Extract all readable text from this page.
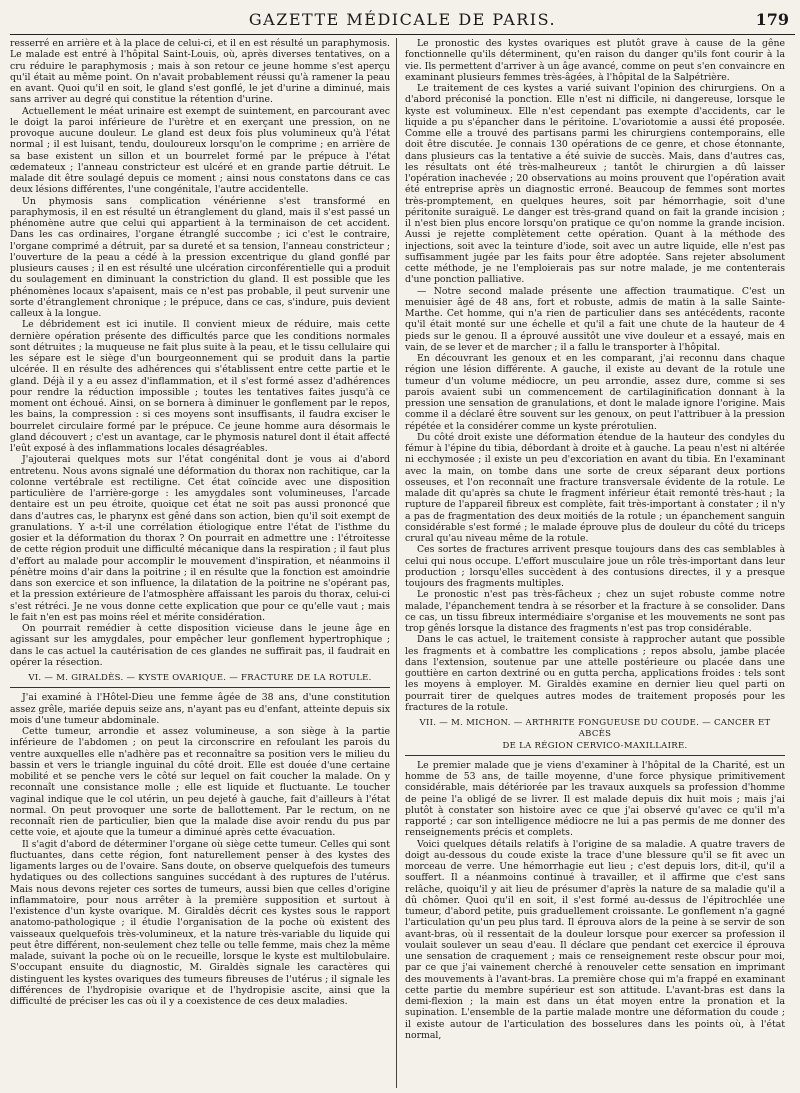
GAZETTE MÉDICALE DE PARIS.	179

resserré en arrière et à la place de celui-ci, et il en est résulté un paraphymosis. Le malade est entré à l'hôpital Saint-Louis, où, après diverses tentatives, on a cru réduire le paraphymosis ; mais à son retour ce jeune homme s'est aperçu qu'il était au même point. On n'avait probablement réussi qu'à ramener la peau en avant. Quoi qu'il en soit, le gland s'est gonflé, le jet d'urine a diminué, mais sans arriver au degré qui constitue la rétention d'urine.

Actuellement le méat urinaire est exempt de suintement, en parcourant avec le doigt la paroi inférieure de l'urètre et en exerçant une pression, on ne provoque aucune douleur. Le gland est deux fois plus volumineux qu'à l'état normal ; il est luisant, tendu, douloureux lorsqu'on le comprime ; en arrière de sa base existent un sillon et un bourrelet formé par le prépuce à l'état œdemateux ; l'anneau constricteur est ulcéré et en grande partie détruit. Le malade dit être soulagé depuis ce moment ; ainsi nous constatons dans ce cas deux lésions différentes, l'une congénitale, l'autre accidentelle.

Un phymosis sans complication vénérienne s'est transformé en paraphymosis, il en est résulté un étranglement du gland, mais il s'est passé un phénomène autre que celui qui appartient à la terminaison de cet accident. Dans les cas ordinaires, l'organe étranglé succombe ; ici c'est le contraire, l'organe comprimé a détruit, par sa dureté et sa tension, l'anneau constricteur ; l'ouverture de la peau a cédé à la pression excentrique du gland gonflé par plusieurs causes ; il en est résulté une ulcération circonférentielle qui a produit du soulagement en diminuant la constriction du gland. Il est possible que les phénomènes locaux s'apaisent, mais ce n'est pas probable, il peut survenir une sorte d'étranglement chronique ; le prépuce, dans ce cas, s'indure, puis devient calleux à la longue.

Le débridement est ici inutile. Il convient mieux de réduire, mais cette dernière opération présente des difficultés parce que les conditions normales sont détruites ; la muqueuse ne fait plus suite à la peau, et le tissu cellulaire qui les sépare est le siège d'un bourgeonnement qui se produit dans la partie ulcérée. Il en résulte des adhérences qui s'établissent entre cette partie et le gland. Déjà il y a eu assez d'inflammation, et il s'est formé assez d'adhérences pour rendre la réduction impossible ; toutes les tentatives faites jusqu'à ce moment ont échoué. Ainsi, on se bornera à diminuer le gonflement par le repos, les bains, la compression : si ces moyens sont insuffisants, il faudra exciser le bourrelet circulaire formé par le prépuce. Ce jeune homme aura désormais le gland découvert ; c'est un avantage, car le phymosis naturel dont il était affecté l'eût exposé à des inflammations locales désagréables.

J'ajouterai quelques mots sur l'état congénital dont je vous ai d'abord entretenu. Nous avons signalé une déformation du thorax non rachitique, car la colonne vertébrale est rectiligne. Cet état coïncide avec une disposition particulière de l'arrière-gorge : les amygdales sont volumineuses, l'arcade dentaire est un peu étroite, quoique cet état ne soit pas aussi prononcé que dans d'autres cas, le pharynx est gêné dans son action, bien qu'il soit exempt de granulations. Y a-t-il une corrélation étiologique entre l'état de l'isthme du gosier et la déformation du thorax ? On pourrait en admettre une : l'étroitesse de cette région produit une difficulté mécanique dans la respiration ; il faut plus d'effort au malade pour accomplir le mouvement d'inspiration, et néanmoins il pénètre moins d'air dans la poitrine ; il en résulte que la fonction est amoindrie dans son exercice et son influence, la dilatation de la poitrine ne s'opérant pas, et la pression extérieure de l'atmosphère affaissant les parois du thorax, celui-ci s'est rétréci. Je ne vous donne cette explication que pour ce qu'elle vaut ; mais le fait n'en est pas moins réel et mérite considération.

On pourrait remédier à cette disposition vicieuse dans le jeune âge en agissant sur les amygdales, pour empêcher leur gonflement hypertrophique ; dans le cas actuel la cautérisation de ces glandes ne suffirait pas, il faudrait en opérer la résection.

VI. — M. GIRALDÈS. — KYSTE OVARIQUE. — FRACTURE DE LA ROTULE.

J'ai examiné à l'Hôtel-Dieu une femme âgée de 38 ans, d'une constitution assez grêle, mariée depuis seize ans, n'ayant pas eu d'enfant, atteinte depuis six mois d'une tumeur abdominale.

Cette tumeur, arrondie et assez volumineuse, a son siège à la partie inférieure de l'abdomen ; on peut la circonscrire en refoulant les parois du ventre auxquelles elle n'adhère pas et reconnaître sa position vers le milieu du bassin et vers le triangle inguinal du côté droit. Elle est douée d'une certaine mobilité et se penche vers le côté sur lequel on fait coucher la malade. On y reconnaît une consistance molle ; elle est liquide et fluctuante. Le toucher vaginal indique que le col utérin, un peu dejeté à gauche, fait d'ailleurs à l'état normal. On peut provoquer une sorte de ballottement. Par le rectum, on ne reconnaît rien de particulier, bien que la malade dise avoir rendu du pus par cette voie, et ajoute que la tumeur a diminué après cette évacuation.

Il s'agit d'abord de déterminer l'organe où siège cette tumeur. Celles qui sont fluctuantes, dans cette région, font naturellement penser à des kystes des ligaments larges ou de l'ovaire. Sans doute, on observe quelquefois des tumeurs hydatiques ou des collections sanguines succédant à des ruptures de l'utérus. Mais nous devons rejeter ces sortes de tumeurs, aussi bien que celles d'origine inflammatoire, pour nous arrêter à la première supposition et surtout à l'existence d'un kyste ovarique. M. Giraldès décrit ces kystes sous le rapport anatomo-pathologique ; il étudie l'organisation de la poche où existent des vaisseaux quelquefois très-volumineux, et la nature très-variable du liquide qui peut être différent, non-seulement chez telle ou telle femme, mais chez la même malade, suivant la poche où on le recueille, lorsque le kyste est multilobulaire. S'occupant ensuite du diagnostic, M. Giraldès signale les caractères qui distinguent les kystes ovariques des tumeurs fibreuses de l'utérus ; il signale les différences de l'hydropisie ovarique et de l'hydropisie ascite, ainsi que la difficulté de préciser les cas où il y a coexistence de ces deux maladies.

Le pronostic des kystes ovariques est plutôt grave à cause de la gêne fonctionnelle qu'ils déterminent, qu'en raison du danger qu'ils font courir à la vie. Ils permettent d'arriver à un âge avancé, comme on peut s'en convaincre en examinant plusieurs femmes très-âgées, à l'hôpital de la Salpétrière.

Le traitement de ces kystes a varié suivant l'opinion des chirurgiens. On a d'abord préconisé la ponction. Elle n'est ni difficile, ni dangereuse, lorsque le kyste est volumineux. Elle n'est cependant pas exempte d'accidents, car le liquide a pu s'épancher dans le péritoine. L'ovariotomie a aussi été proposée. Comme elle a trouvé des partisans parmi les chirurgiens contemporains, elle doit être discutée. Je connais 130 opérations de ce genre, et chose étonnante, dans plusieurs cas la tentative a été suivie de succès. Mais, dans d'autres cas, les résultats ont été très-malheureux ; tantôt le chirurgien a dû laisser l'opération inachevée ; 20 observations au moins prouvent que l'opération avait été entreprise après un diagnostic erroné. Beaucoup de femmes sont mortes très-promptement, en quelques heures, soit par hémorrhagie, soit d'une péritonite suraiguë. Le danger est très-grand quand on fait la grande incision ; il n'est bien plus encore lorsqu'on pratique ce qu'on nomme la grande incision. Aussi je rejette complètement cette opération. Quant à la méthode des injections, soit avec la teinture d'iode, soit avec un autre liquide, elle n'est pas suffisamment jugée par les faits pour être adoptée. Sans rejeter absolument cette méthode, je ne l'emploierais pas sur notre malade, je me contenterais d'une ponction palliative.

— Notre second malade présente une affection traumatique. C'est un menuisier âgé de 48 ans, fort et robuste, admis de matin à la salle Sainte-Marthe. Cet homme, qui n'a rien de particulier dans ses antécédents, raconte qu'il était monté sur une échelle et qu'il a fait une chute de la hauteur de 4 pieds sur le genou. Il a éprouvé aussitôt une vive douleur et a essayé, mais en vain, de se lever et de marcher ; il a fallu le transporter à l'hôpital.

En découvrant les genoux et en les comparant, j'ai reconnu dans chaque région une lésion différente. A gauche, il existe au devant de la rotule une tumeur d'un volume médiocre, un peu arrondie, assez dure, comme si ses parois avaient subi un commencement de cartilaginification donnant à la pression une sensation de granulations, et dont le malade ignore l'origine. Mais comme il a déclaré être souvent sur les genoux, on peut l'attribuer à la pression répétée et la considérer comme un kyste prérotulien.

Du côté droit existe une déformation étendue de la hauteur des condyles du fémur à l'épine du tibia, débordant à droite et à gauche. La peau n'est ni altérée ni ecchymosée ; il existe un peu d'excoriation en avant du tibia. En l'examinant avec la main, on tombe dans une sorte de creux séparant deux portions osseuses, et l'on reconnaît une fracture transversale évidente de la rotule. Le malade dit qu'après sa chute le fragment inférieur était remonté très-haut ; la rupture de l'appareil fibreux est complète, fait très-important à constater ; il n'y a pas de fragmentation des deux moitiés de la rotule ; un épanchement sanguin considérable s'est formé ; le malade éprouve plus de douleur du côté du triceps crural qu'au niveau même de la rotule.

Ces sortes de fractures arrivent presque toujours dans des cas semblables à celui qui nous occupe. L'effort musculaire joue un rôle très-important dans leur production ; lorsqu'elles succèdent à des contusions directes, il y a presque toujours des fragments multiples.

Le pronostic n'est pas très-fâcheux ; chez un sujet robuste comme notre malade, l'épanchement tendra à se résorber et la fracture à se consolider. Dans ce cas, un tissu fibreux intermédiaire s'organise et les mouvements ne sont pas trop gênés lorsque la distance des fragments n'est pas trop considérable.

Dans le cas actuel, le traitement consiste à rapprocher autant que possible les fragments et à combattre les complications ; repos absolu, jambe placée dans l'extension, soutenue par une attelle postérieure ou placée dans une gouttière en carton dextriné ou en gutta percha, applications froides : tels sont les moyens à employer. M. Giraldès examine en dernier lieu quel parti on pourrait tirer de quelques autres modes de traitement proposés pour les fractures de la rotule.

VII. — M. MICHON. — ARTHRITE FONGUEUSE DU COUDE. — CANCER ET ABCÈS
DE LA RÉGION CERVICO-MAXILLAIRE.

Le premier malade que je viens d'examiner à l'hôpital de la Charité, est un homme de 53 ans, de taille moyenne, d'une force physique primitivement considérable, mais détériorée par les travaux auxquels sa profession d'homme de peine l'a obligé de se livrer. Il est malade depuis dix huit mois ; mais j'ai plutôt à constater son histoire avec ce que j'ai observé qu'avec ce qu'il m'a rapporté ; car son intelligence médiocre ne lui a pas permis de me donner des renseignements précis et complets.

Voici quelques détails relatifs à l'origine de sa maladie. A quatre travers de doigt au-dessous du coude existe la trace d'une blessure qu'il se fit avec un morceau de verre. Une hémorrhagie eut lieu ; c'est depuis lors, dit-il, qu'il a souffert. Il a néanmoins continué à travailler, et il affirme que c'est sans relâche, quoiqu'il y ait lieu de présumer d'après la nature de sa maladie qu'il a dû chômer. Quoi qu'il en soit, il s'est formé au-dessus de l'épitrochlée une tumeur, d'abord petite, puis graduellement croissante. Le gonflement n'a gagné l'articulation qu'un peu plus tard. Il éprouva alors de la peine à se servir de son avant-bras, où il ressentait de la douleur lorsque pour exercer sa profession il voulait soulever un seau d'eau. Il déclare que pendant cet exercice il éprouva une sensation de craquement ; mais ce renseignement reste obscur pour moi, par ce que j'ai vainement cherché à renouveler cette sensation en imprimant des mouvements à l'avant-bras. La première chose qui m'a frappé en examinant cette partie du membre supérieur est son attitude. L'avant-bras est dans la demi-flexion ; la main est dans un état moyen entre la pronation et la supination. L'ensemble de la partie malade montre une déformation du coude ; il existe autour de l'articulation des bosselures dans les points où, à l'état normal,
